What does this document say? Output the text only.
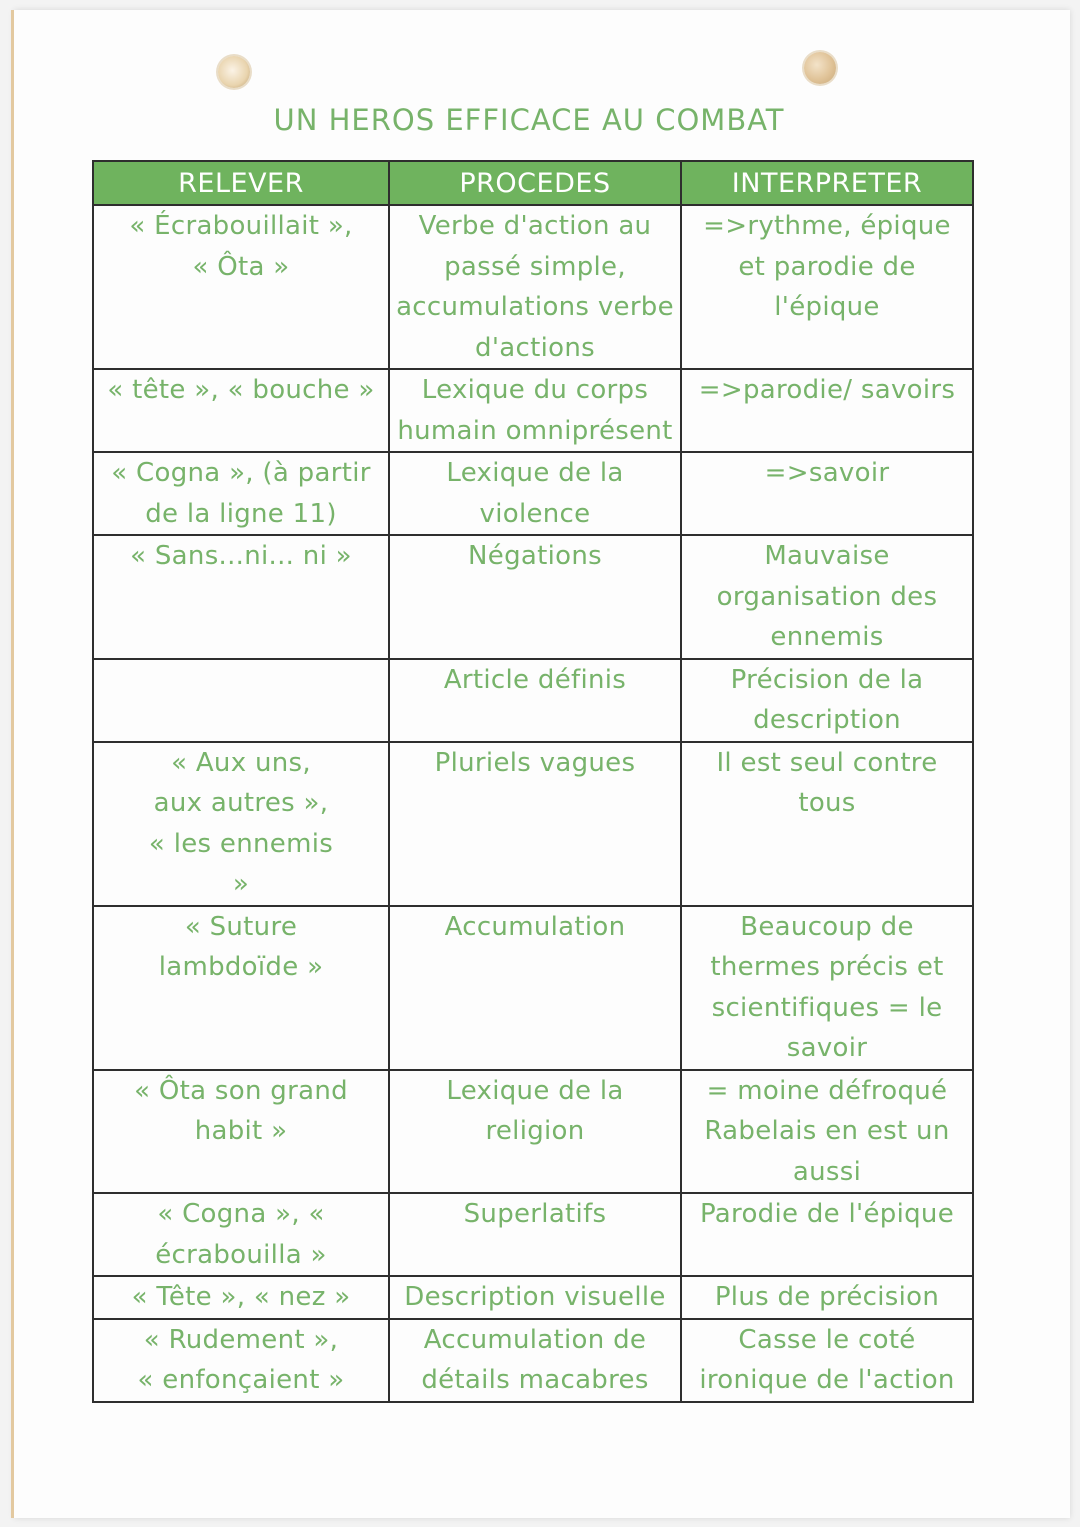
UN HEROS EFFICACE AU COMBAT
RELEVER	PROCEDES	INTERPRETER
« Écrabouillait », « Ôta »	Verbe d'action au passé simple, accumulations verbe d'actions	=>rythme, épique et parodie de l'épique
« tête », « bouche »	Lexique du corps humain omniprésent	=>parodie/ savoirs
« Cogna », (à partir de la ligne 11)	Lexique de la violence	=>savoir
« Sans...ni... ni »	Négations	Mauvaise organisation des ennemis
	Article définis	Précision de la description
« Aux uns, aux autres », « les ennemis »	Pluriels vagues	Il est seul contre tous
« Suture lambdoïde »	Accumulation	Beaucoup de thermes précis et scientifiques = le savoir
« Ôta son grand habit »	Lexique de la religion	= moine défroqué Rabelais en est un aussi
« Cogna », « écrabouilla »	Superlatifs	Parodie de l'épique
« Tête », « nez »	Description visuelle	Plus de précision
« Rudement », « enfonçaient »	Accumulation de détails macabres	Casse le coté ironique de l'action
